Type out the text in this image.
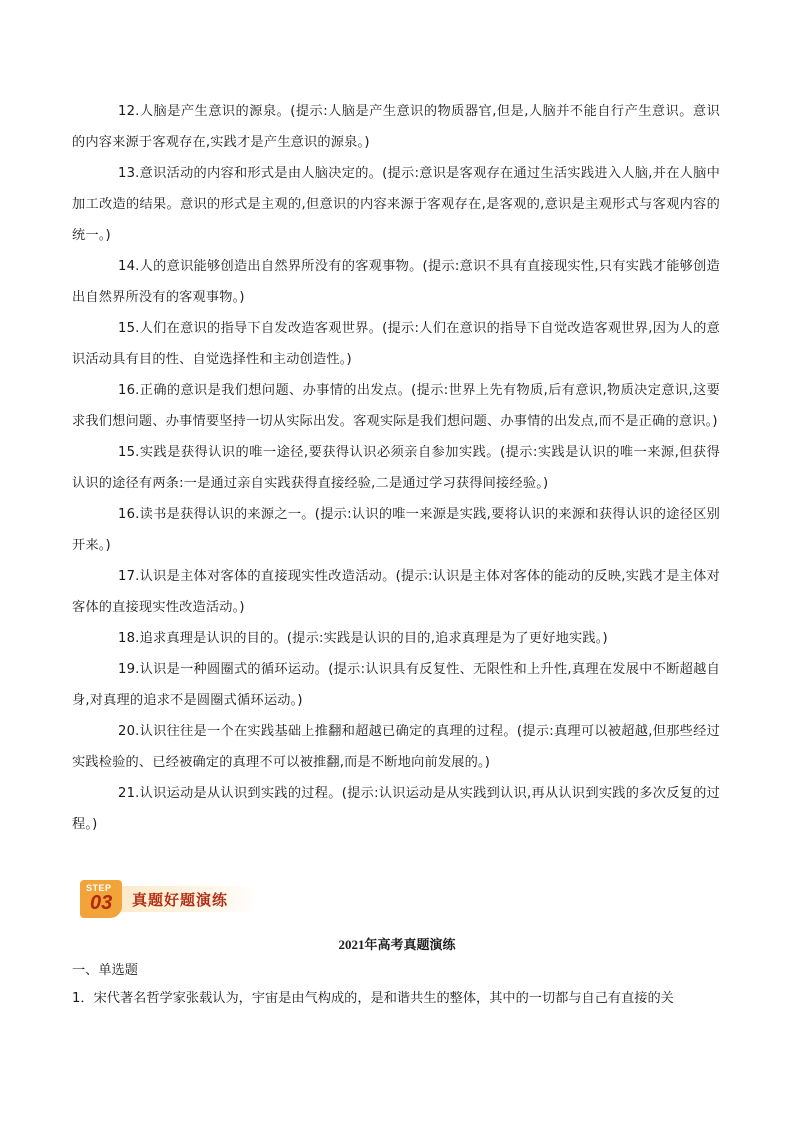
12.人脑是产生意识的源泉。(提示:人脑是产生意识的物质器官,但是,人脑并不能自行产生意识。意识的内容来源于客观存在,实践才是产生意识的源泉。)

13.意识活动的内容和形式是由人脑决定的。(提示:意识是客观存在通过生活实践进入人脑,并在人脑中加工改造的结果。意识的形式是主观的,但意识的内容来源于客观存在,是客观的,意识是主观形式与客观内容的统一。)

14.人的意识能够创造出自然界所没有的客观事物。(提示:意识不具有直接现实性,只有实践才能够创造出自然界所没有的客观事物。)

15.人们在意识的指导下自发改造客观世界。(提示:人们在意识的指导下自觉改造客观世界,因为人的意识活动具有目的性、自觉选择性和主动创造性。)

16.正确的意识是我们想问题、办事情的出发点。(提示:世界上先有物质,后有意识,物质决定意识,这要求我们想问题、办事情要坚持一切从实际出发。客观实际是我们想问题、办事情的出发点,而不是正确的意识。)

15.实践是获得认识的唯一途径,要获得认识必须亲自参加实践。(提示:实践是认识的唯一来源,但获得认识的途径有两条:一是通过亲自实践获得直接经验,二是通过学习获得间接经验。)

16.读书是获得认识的来源之一。(提示:认识的唯一来源是实践,要将认识的来源和获得认识的途径区别开来。)

17.认识是主体对客体的直接现实性改造活动。(提示:认识是主体对客体的能动的反映,实践才是主体对客体的直接现实性改造活动。)

18.追求真理是认识的目的。(提示:实践是认识的目的,追求真理是为了更好地实践。)

19.认识是一种圆圈式的循环运动。(提示:认识具有反复性、无限性和上升性,真理在发展中不断超越自身,对真理的追求不是圆圈式循环运动。)

20.认识往往是一个在实践基础上推翻和超越已确定的真理的过程。(提示:真理可以被超越,但那些经过实践检验的、已经被确定的真理不可以被推翻,而是不断地向前发展的。)

21.认识运动是从认识到实践的过程。(提示:认识运动是从实践到认识,再从认识到实践的多次反复的过程。)

STEP
03 真题好题演练
2021年高考真题演练
一、单选题
1．宋代著名哲学家张载认为，宇宙是由气构成的，是和谐共生的整体，其中的一切都与自己有直接的关
